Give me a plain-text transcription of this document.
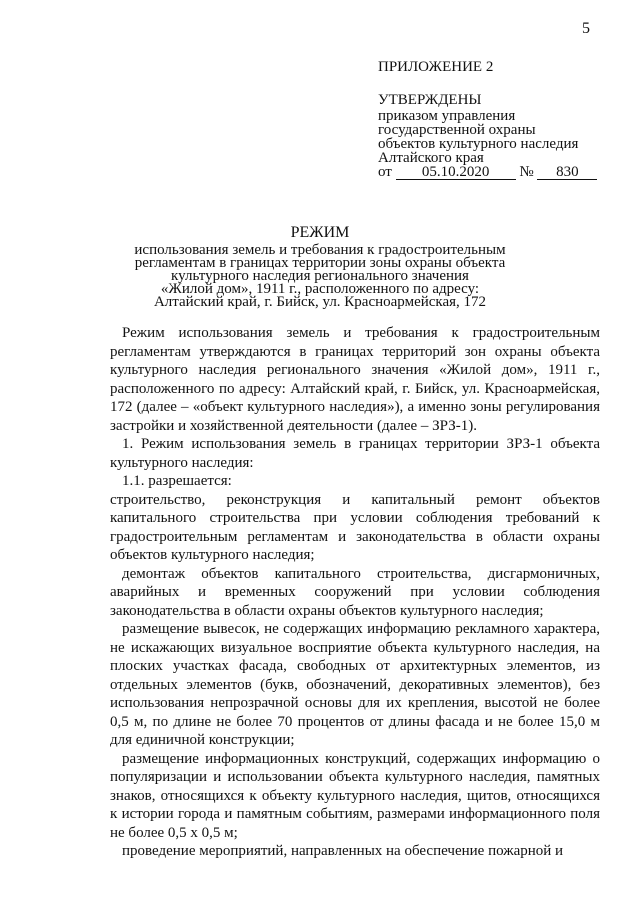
5
ПРИЛОЖЕНИЕ 2
УТВЕРЖДЕНЫ
приказом управления
государственной охраны
объектов культурного наследия
Алтайского края
от 05.10.2020 № 830
РЕЖИМ
использования земель и требования к градостроительным
регламентам в границах территории зоны охраны объекта
культурного наследия регионального значения
«Жилой дом», 1911 г., расположенного по адресу:
Алтайский край, г. Бийск, ул. Красноармейская, 172

Режим использования земель и требования к градостроительным регламентам утверждаются в границах территорий зон охраны объекта культурного наследия регионального значения «Жилой дом», 1911 г., расположенного по адресу: Алтайский край, г. Бийск, ул. Красноармейская, 172 (далее – «объект культурного наследия»), а именно зоны регулирования застройки и хозяйственной деятельности (далее – ЗРЗ-1).

1. Режим использования земель в границах территории ЗРЗ-1 объекта культурного наследия:

1.1. разрешается:

строительство, реконструкция и капитальный ремонт объектов капитального строительства при условии соблюдения требований к градостроительным регламентам и законодательства в области охраны объектов культурного наследия;

демонтаж объектов капитального строительства, дисгармоничных, аварийных и временных сооружений при условии соблюдения законодательства в области охраны объектов культурного наследия;

размещение вывесок, не содержащих информацию рекламного характера, не искажающих визуальное восприятие объекта культурного наследия, на плоских участках фасада, свободных от архитектурных элементов, из отдельных элементов (букв, обозначений, декоративных элементов), без использования непрозрачной основы для их крепления, высотой не более 0,5 м, по длине не более 70 процентов от длины фасада и не более 15,0 м для единичной конструкции;

размещение информационных конструкций, содержащих информацию о популяризации и использовании объекта культурного наследия, памятных знаков, относящихся к объекту культурного наследия, щитов, относящихся к истории города и памятным событиям, размерами информационного поля не более 0,5 х 0,5 м;

проведение мероприятий, направленных на обеспечение пожарной и
